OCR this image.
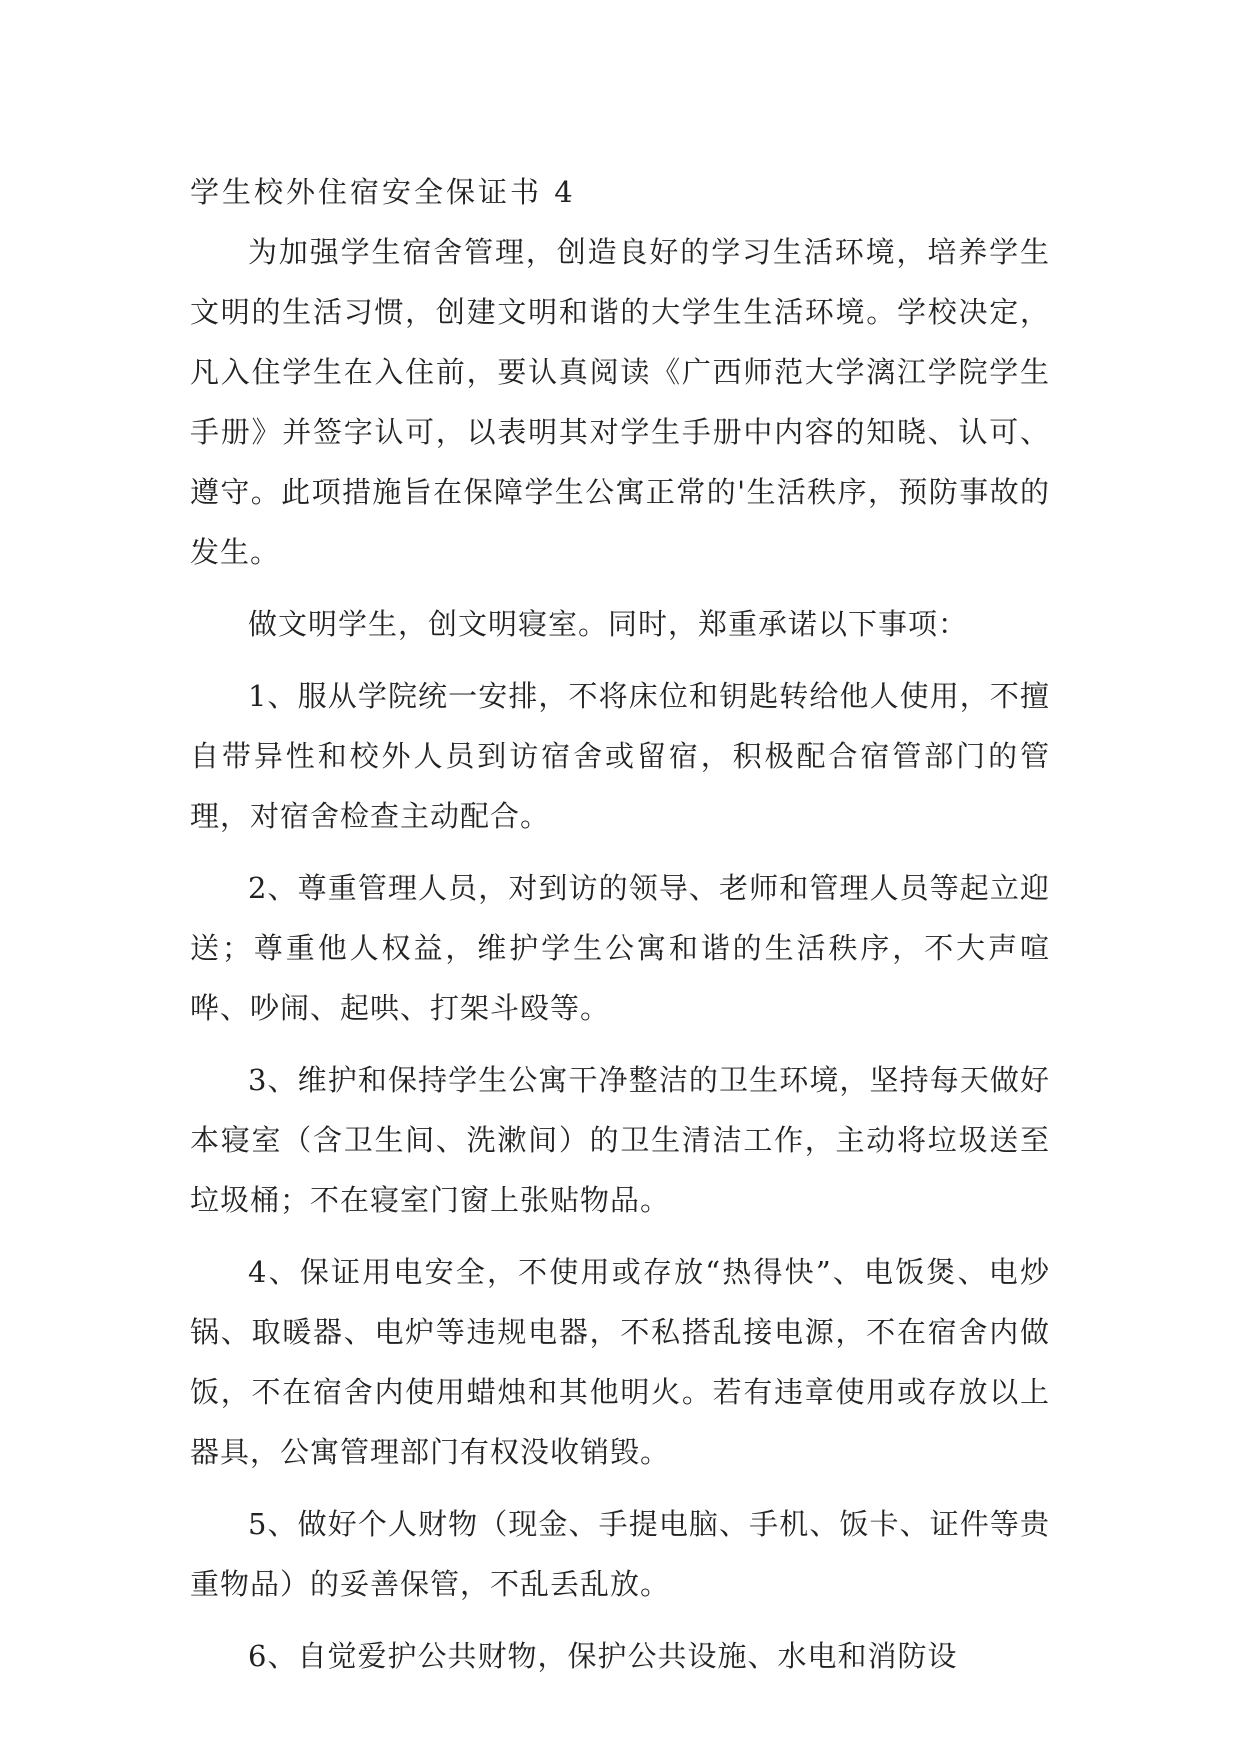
学生校外住宿安全保证书 4

为加强学生宿舍管理，创造良好的学习生活环境，培养学生文明的生活习惯，创建文明和谐的大学生生活环境。学校决定，凡入住学生在入住前，要认真阅读《广西师范大学漓江学院学生手册》并签字认可，以表明其对学生手册中内容的知晓、认可、遵守。此项措施旨在保障学生公寓正常的'生活秩序，预防事故的发生。

做文明学生，创文明寝室。同时，郑重承诺以下事项：

1、服从学院统一安排，不将床位和钥匙转给他人使用，不擅自带异性和校外人员到访宿舍或留宿，积极配合宿管部门的管理，对宿舍检查主动配合。

2、尊重管理人员，对到访的领导、老师和管理人员等起立迎送；尊重他人权益，维护学生公寓和谐的生活秩序，不大声喧哗、吵闹、起哄、打架斗殴等。

3、维护和保持学生公寓干净整洁的卫生环境，坚持每天做好本寝室（含卫生间、洗漱间）的卫生清洁工作，主动将垃圾送至垃圾桶；不在寝室门窗上张贴物品。

4、保证用电安全，不使用或存放“热得快”、电饭煲、电炒锅、取暖器、电炉等违规电器，不私搭乱接电源，不在宿舍内做饭，不在宿舍内使用蜡烛和其他明火。若有违章使用或存放以上器具，公寓管理部门有权没收销毁。

5、做好个人财物（现金、手提电脑、手机、饭卡、证件等贵重物品）的妥善保管，不乱丢乱放。

6、自觉爱护公共财物，保护公共设施、水电和消防设
